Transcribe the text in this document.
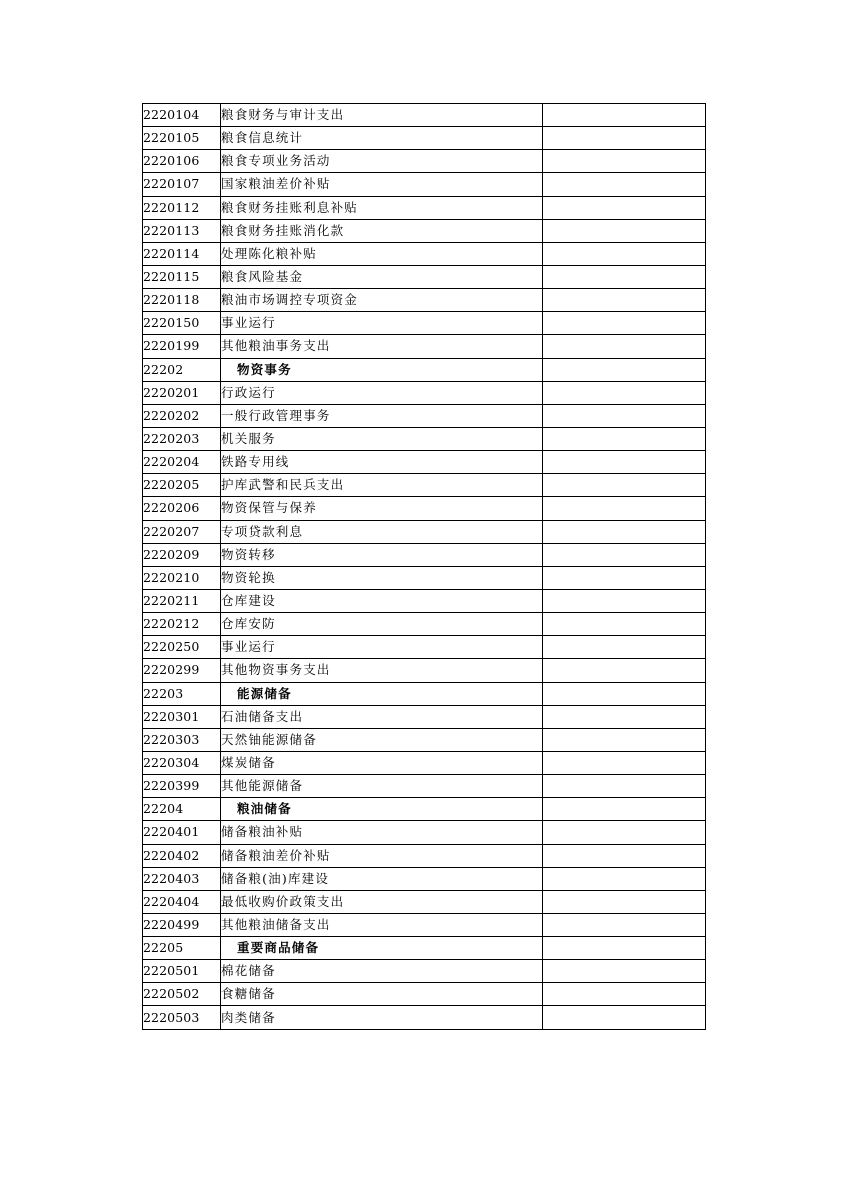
2220104	粮食财务与审计支出	
2220105	粮食信息统计	
2220106	粮食专项业务活动	
2220107	国家粮油差价补贴	
2220112	粮食财务挂账利息补贴	
2220113	粮食财务挂账消化款	
2220114	处理陈化粮补贴	
2220115	粮食风险基金	
2220118	粮油市场调控专项资金	
2220150	事业运行	
2220199	其他粮油事务支出	
22202	物资事务	
2220201	行政运行	
2220202	一般行政管理事务	
2220203	机关服务	
2220204	铁路专用线	
2220205	护库武警和民兵支出	
2220206	物资保管与保养	
2220207	专项贷款利息	
2220209	物资转移	
2220210	物资轮换	
2220211	仓库建设	
2220212	仓库安防	
2220250	事业运行	
2220299	其他物资事务支出	
22203	能源储备	
2220301	石油储备支出	
2220303	天然铀能源储备	
2220304	煤炭储备	
2220399	其他能源储备	
22204	粮油储备	
2220401	储备粮油补贴	
2220402	储备粮油差价补贴	
2220403	储备粮(油)库建设	
2220404	最低收购价政策支出	
2220499	其他粮油储备支出	
22205	重要商品储备	
2220501	棉花储备	
2220502	食糖储备	
2220503	肉类储备	
